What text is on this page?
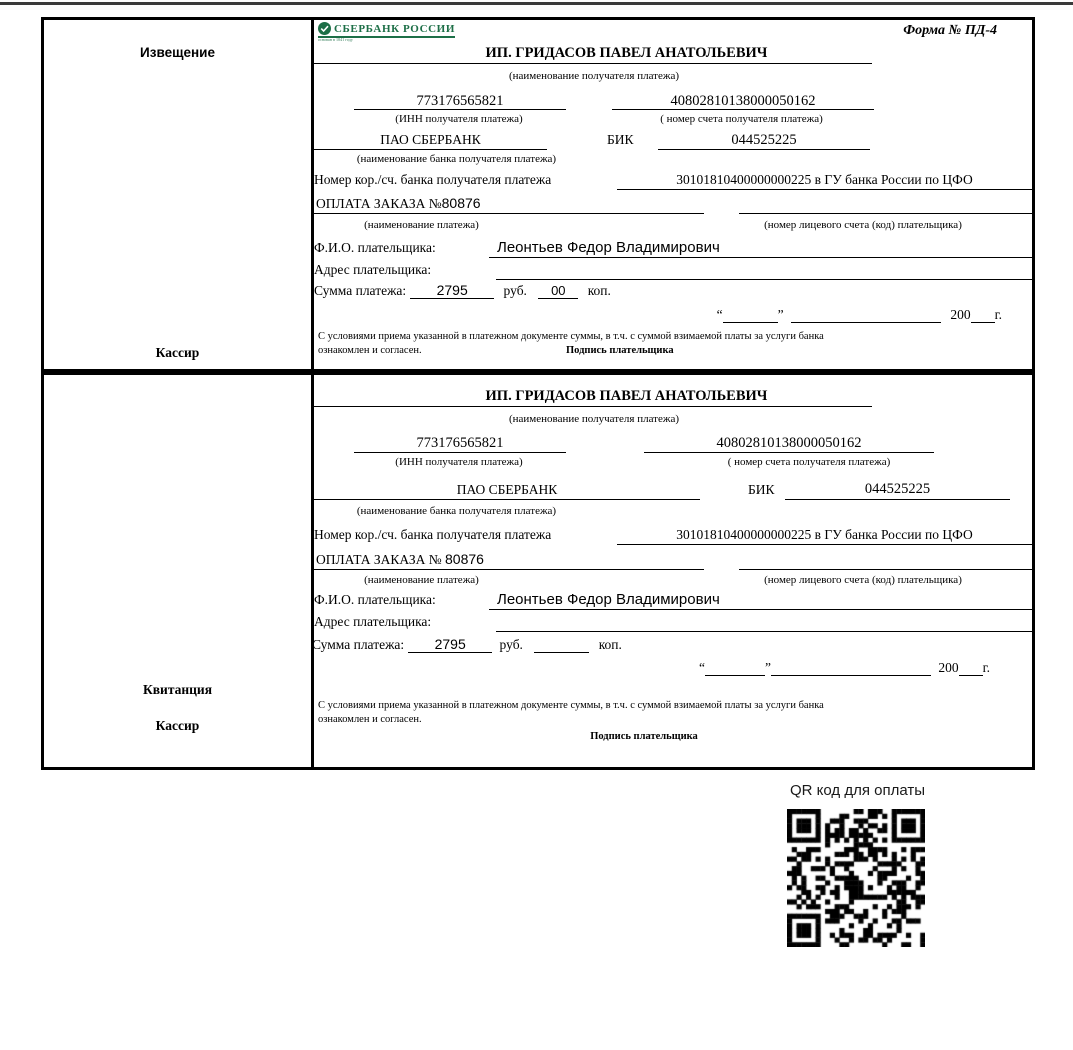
Извещение
Кассир
СБЕРБАНК РОССИИ
основан в 1841 году
Форма № ПД-4
ИП. ГРИДАСОВ ПАВЕЛ АНАТОЛЬЕВИЧ
(наименование получателя платежа)
773176565821	40802810138000050162
(ИНН получателя платежа)	( номер счета получателя платежа)
ПАО СБЕРБАНК	БИК	044525225
(наименование банка получателя платежа)
Номер кор./сч. банка получателя платежа	30101810400000000225 в ГУ банка России по ЦФО
ОПЛАТА ЗАКАЗА №80876
(наименование платежа)	(номер лицевого счета (код) плательщика)
Ф.И.О. плательщика:	Леонтьев Федор Владимирович
Адрес плательщика:
Сумма платежа: 2795	руб. 00 коп.
“	”	200 г.
С условиями приема указанной в платежном документе суммы, в т.ч. с суммой взимаемой платы за услуги банка
ознакомлен и согласен.	Подпись плательщика
Квитанция
Кассир
ИП. ГРИДАСОВ ПАВЕЛ АНАТОЛЬЕВИЧ
(наименование получателя платежа)
773176565821	40802810138000050162
(ИНН получателя платежа)	( номер счета получателя платежа)
ПАО СБЕРБАНК	БИК	044525225
(наименование банка получателя платежа)
Номер кор./сч. банка получателя платежа	30101810400000000225 в ГУ банка России по ЦФО
ОПЛАТА ЗАКАЗА № 80876
(наименование платежа)	(номер лицевого счета (код) плательщика)
Ф.И.О. плательщика:	Леонтьев Федор Владимирович
Адрес плательщика:
Сумма платежа: 2795	руб.	коп.
“	”	200 г.
С условиями приема указанной в платежном документе суммы, в т.ч. с суммой взимаемой платы за услуги банка
ознакомлен и согласен.
Подпись плательщика
QR код для оплаты
